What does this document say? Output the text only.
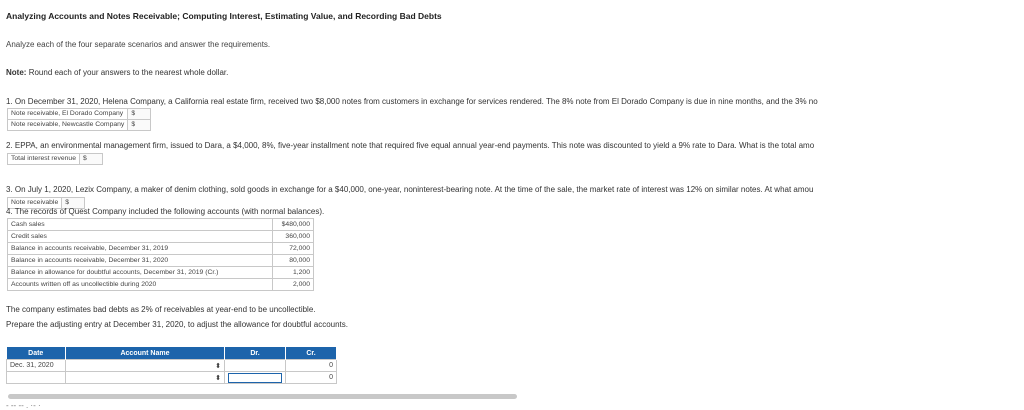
Analyzing Accounts and Notes Receivable; Computing Interest, Estimating Value, and Recording Bad Debts
Analyze each of the four separate scenarios and answer the requirements.
Note: Round each of your answers to the nearest whole dollar.
1. On December 31, 2020, Helena Company, a California real estate firm, received two $8,000 notes from customers in exchange for services rendered. The 8% note from El Dorado Company is due in nine months, and the 3% no
Note receivable, El Dorado Company	$
Note receivable, Newcastle Company	$
2. EPPA, an environmental management firm, issued to Dara, a $4,000, 8%, five-year installment note that required five equal annual year-end payments. This note was discounted to yield a 9% rate to Dara. What is the total amo
Total interest revenue	$
3. On July 1, 2020, Lezix Company, a maker of denim clothing, sold goods in exchange for a $40,000, one-year, noninterest-bearing note. At the time of the sale, the market rate of interest was 12% on similar notes. At what amou
Note receivable	$
4. The records of Quest Company included the following accounts (with normal balances).
Cash sales	$480,000
Credit sales	360,000
Balance in accounts receivable, December 31, 2019	72,000
Balance in accounts receivable, December 31, 2020	80,000
Balance in allowance for doubtful accounts, December 31, 2019 (Cr.)	1,200
Accounts written off as uncollectible during 2020	2,000
The company estimates bad debts as 2% of receivables at year-end to be uncollectible.
Prepare the adjusting entry at December 31, 2020, to adjust the allowance for doubtful accounts.
Date	Account Name	Dr.	Cr.
Dec. 31, 2020	⬍		0

	⬍		0
- -- -- . ·- ·
